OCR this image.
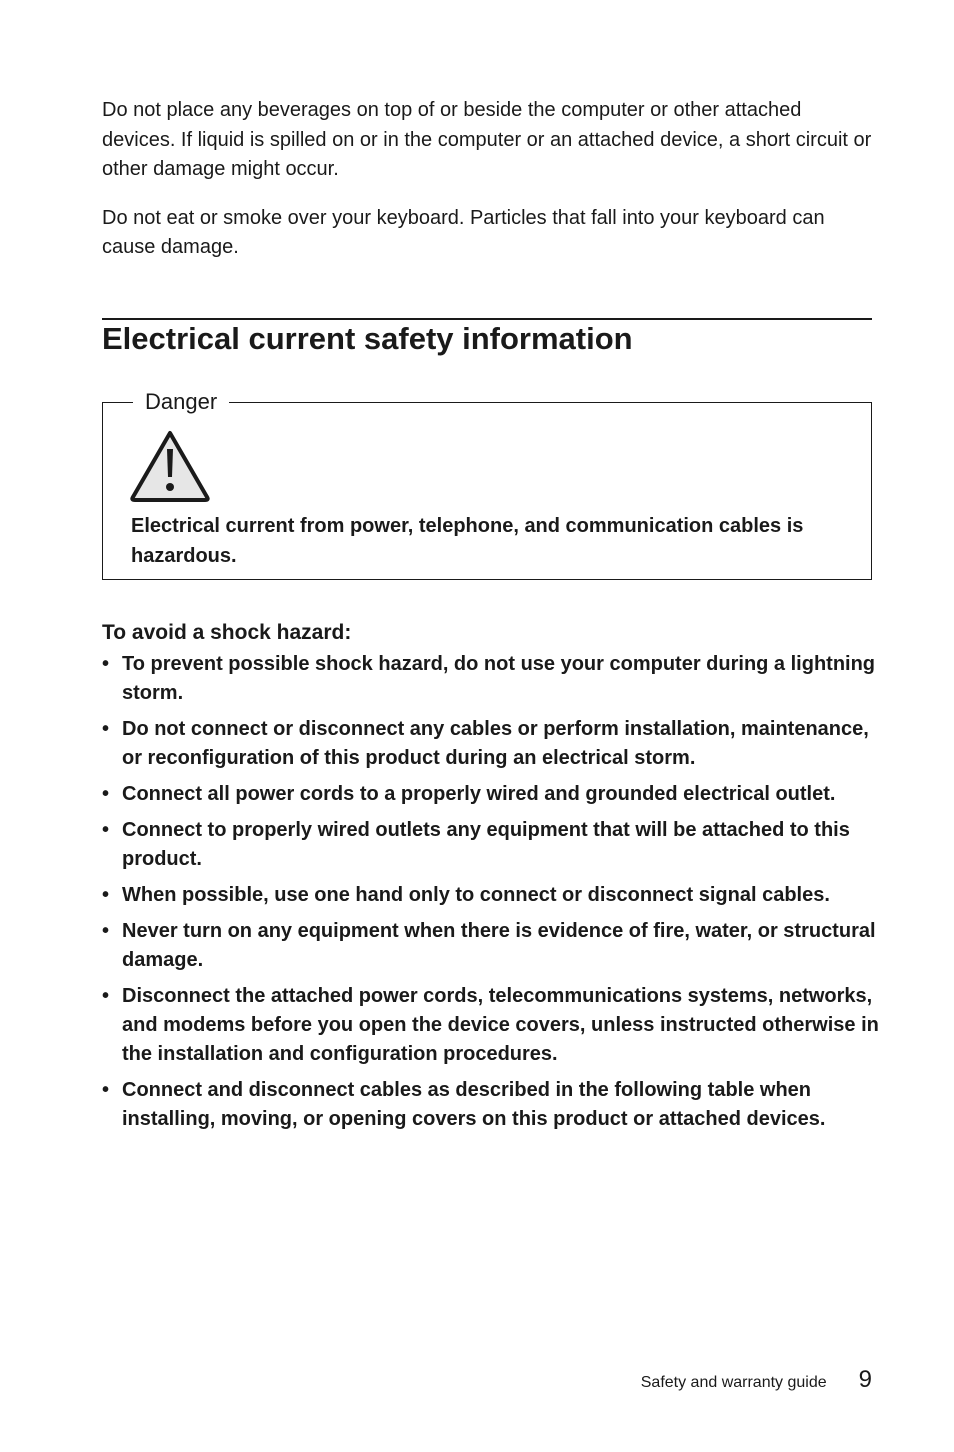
Do not place any beverages on top of or beside the computer or other attached devices. If liquid is spilled on or in the computer or an attached device, a short circuit or other damage might occur.

Do not eat or smoke over your keyboard. Particles that fall into your keyboard can cause damage.

Electrical current safety information
Danger
Electrical current from power, telephone, and communication cables is hazardous.
To avoid a shock hazard:
• To prevent possible shock hazard, do not use your computer during a lightning storm.
• Do not connect or disconnect any cables or perform installation, maintenance, or reconfiguration of this product during an electrical storm.
• Connect all power cords to a properly wired and grounded electrical outlet.
• Connect to properly wired outlets any equipment that will be attached to this product.
• When possible, use one hand only to connect or disconnect signal cables.
• Never turn on any equipment when there is evidence of fire, water, or structural damage.
• Disconnect the attached power cords, telecommunications systems, networks, and modems before you open the device covers, unless instructed otherwise in the installation and configuration procedures.
• Connect and disconnect cables as described in the following table when installing, moving, or opening covers on this product or attached devices.
Safety and warranty guide 9
